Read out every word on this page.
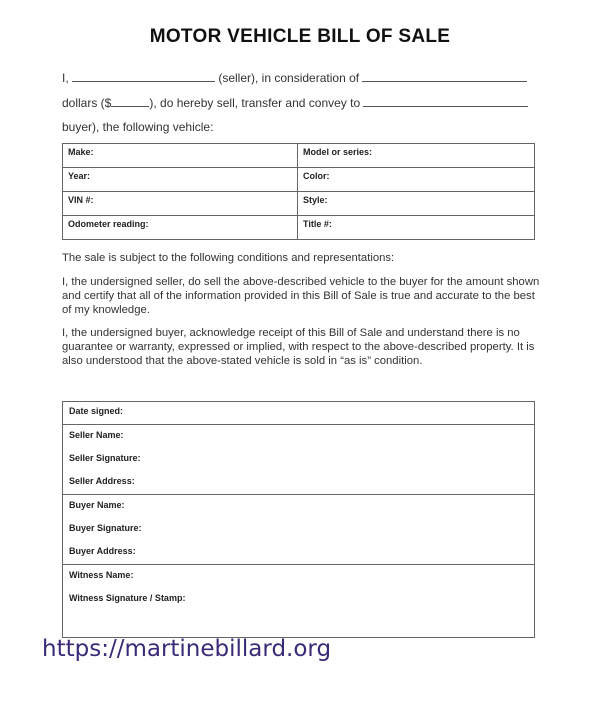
MOTOR VEHICLE BILL OF SALE
I,	(seller), in consideration of
dollars ($	), do hereby sell, transfer and convey to
buyer), the following vehicle:
Make:	Model or series:
Year:	Color:
VIN #:	Style:
Odometer reading:	Title #:
The sale is subject to the following conditions and representations:
I, the undersigned seller, do sell the above-described vehicle to the buyer for the amount shown and certify that all of the information provided in this Bill of Sale is true and accurate to the best of my knowledge.
I, the undersigned buyer, acknowledge receipt of this Bill of Sale and understand there is no guarantee or warranty, expressed or implied, with respect to the above-described property. It is also understood that the above-stated vehicle is sold in “as is” condition.
Date signed:
Seller Name:
Seller Signature:
Seller Address:
Buyer Name:
Buyer Signature:
Buyer Address:
Witness Name:
Witness Signature / Stamp:
https://martinebillard.org
